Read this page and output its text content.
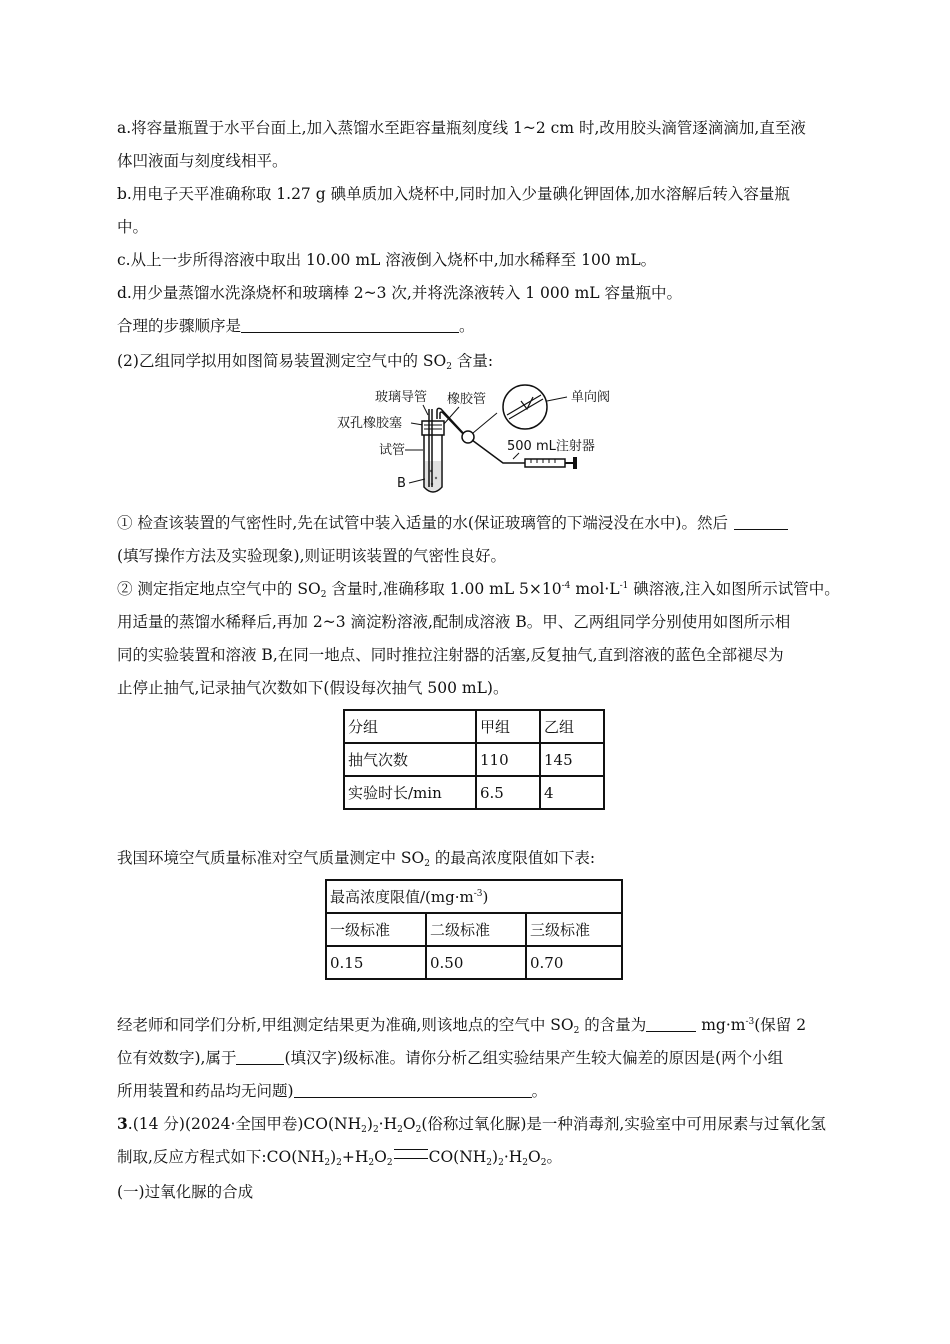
a.将容量瓶置于水平台面上,加入蒸馏水至距容量瓶刻度线 1~2 cm 时,改用胶头滴管逐滴滴加,直至液
体凹液面与刻度线相平。
b.用电子天平准确称取 1.27 g 碘单质加入烧杯中,同时加入少量碘化钾固体,加水溶解后转入容量瓶
中。
c.从上一步所得溶液中取出 10.00 mL 溶液倒入烧杯中,加水稀释至 100 mL。
d.用少量蒸馏水洗涤烧杯和玻璃棒 2~3 次,并将洗涤液转入 1 000 mL 容量瓶中。
合理的步骤顺序是	。
(2)乙组同学拟用如图简易装置测定空气中的 $SO_2$ 含量:
玻璃导管 橡胶管	单向阀
双孔橡胶塞
试管	500 mL注射器
B
① 检查该装置的气密性时,先在试管中装入适量的水(保证玻璃管的下端浸没在水中)。然后
(填写操作方法及实验现象),则证明该装置的气密性良好。
② 测定指定地点空气中的 $SO_2$ 含量时,准确移取 1.00 mL $5\times 10^{-4}$ $mol\cdot L^{-1}$ 碘溶液,注入如图所示试管中。
用适量的蒸馏水稀释后,再加 2~3 滴淀粉溶液,配制成溶液 B。甲、乙两组同学分别使用如图所示相
同的实验装置和溶液 B,在同一地点、同时推拉注射器的活塞,反复抽气,直到溶液的蓝色全部褪尽为
止停止抽气,记录抽气次数如下(假设每次抽气 500 mL)。
分组	甲组	乙组
抽气次数	110	145
实验时长/min	6.5	4
我国环境空气质量标准对空气质量测定中 $SO_2$ 的最高浓度限值如下表:
最高浓度限值$/(mg\cdot m^{-3})$		
一级标准	二级标准	三级标准
0.15	0.50	0.70
经老师和同学们分析,甲组测定结果更为准确,则该地点的空气中 $SO_2$ 的含量为	$mg\cdot m^{-3}$(保留 2
位有效数字),属于	(填汉字)级标准。请你分析乙组实验结果产生较大偏差的原因是(两个小组
所用装置和药品均无问题)	。
3.(14 分)(2024·全国甲卷)$CO(NH_2)_2\cdot H_2O_2$(俗称过氧化脲)是一种消毒剂,实验室中可用尿素与过氧化氢
制取,反应方程式如下$:CO(NH_2)_2+H_2O_2$ $CO(NH_2)_2\cdot H_2O_2$。
(一)过氧化脲的合成
